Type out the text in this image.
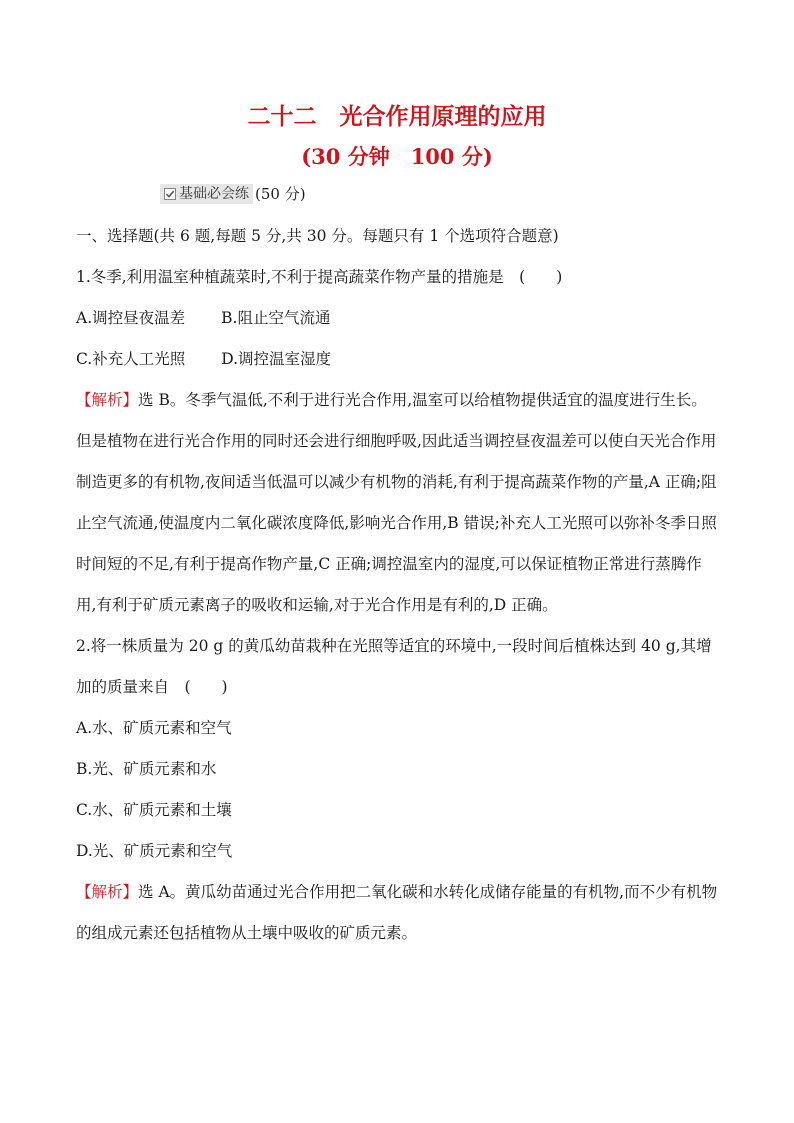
二十二　光合作用原理的应用
(30 分钟　100 分)
基础必会练 (50 分)

一、选择题(共 6 题,每题 5 分,共 30 分。每题只有 1 个选项符合题意)

1.冬季,利用温室种植蔬菜时,不利于提高蔬菜作物产量的措施是　(　　)

A.调控昼夜温差 B.阻止空气流通

C.补充人工光照 D.调控温室湿度

【解析】选 B。冬季气温低,不利于进行光合作用,温室可以给植物提供适宜的温度进行生长。但是植物在进行光合作用的同时还会进行细胞呼吸,因此适当调控昼夜温差可以使白天光合作用制造更多的有机物,夜间适当低温可以减少有机物的消耗,有利于提高蔬菜作物的产量,A 正确;阻止空气流通,使温度内二氧化碳浓度降低,影响光合作用,B 错误;补充人工光照可以弥补冬季日照时间短的不足,有利于提高作物产量,C 正确;调控温室内的湿度,可以保证植物正常进行蒸腾作用,有利于矿质元素离子的吸收和运输,对于光合作用是有利的,D 正确。

2.将一株质量为 20 g 的黄瓜幼苗栽种在光照等适宜的环境中,一段时间后植株达到 40 g,其增加的质量来自　(　　)

A.水、矿质元素和空气

B.光、矿质元素和水

C.水、矿质元素和土壤

D.光、矿质元素和空气

【解析】选 A。黄瓜幼苗通过光合作用把二氧化碳和水转化成储存能量的有机物,而不少有机物的组成元素还包括植物从土壤中吸收的矿质元素。
